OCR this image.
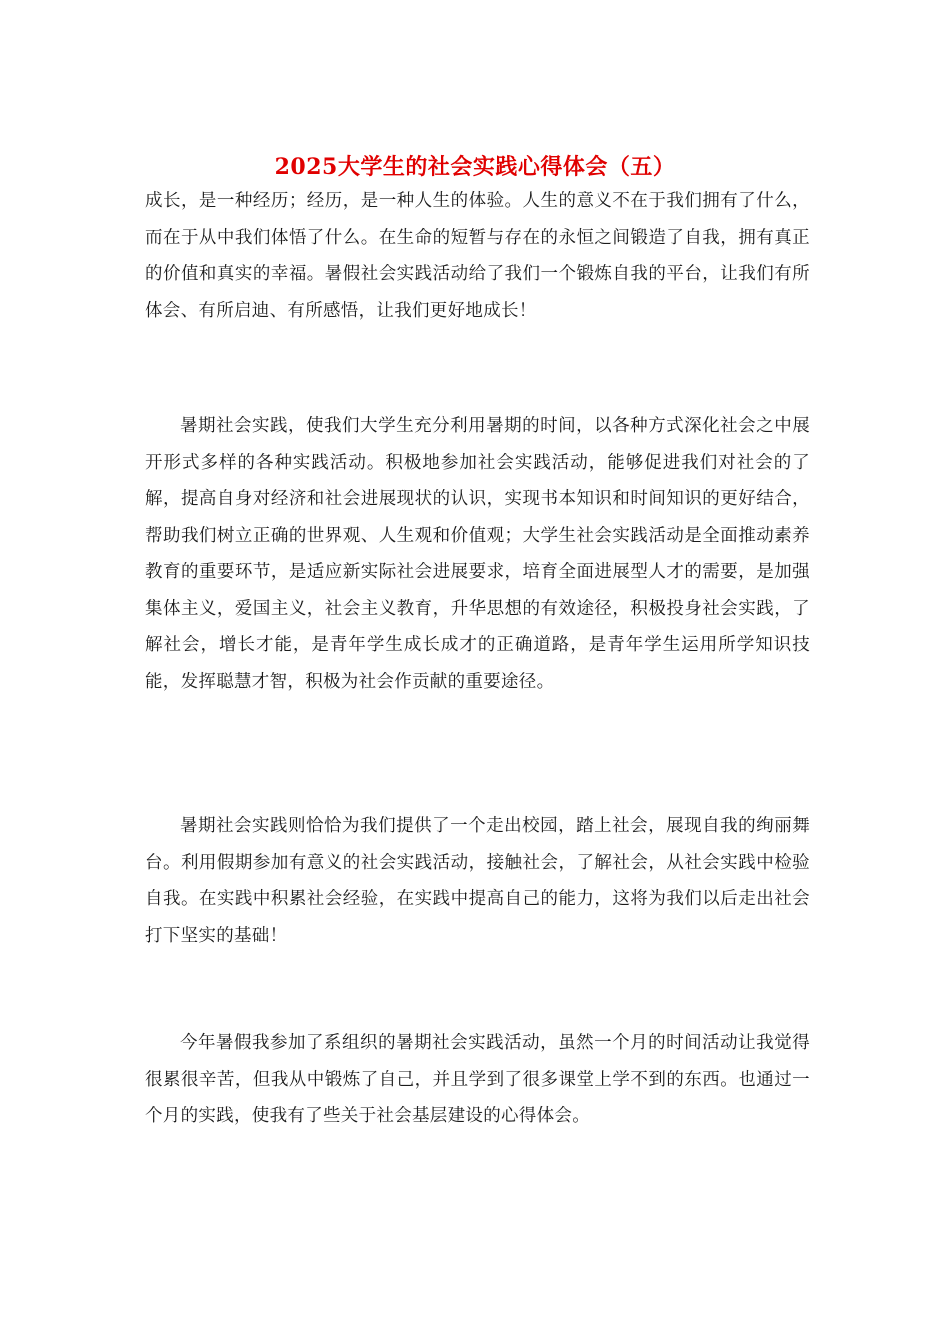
2025大学生的社会实践心得体会（五）

成长，是一种经历；经历，是一种人生的体验。人生的意义不在于我们拥有了什么，而在于从中我们体悟了什么。在生命的短暂与存在的永恒之间锻造了自我，拥有真正的价值和真实的幸福。暑假社会实践活动给了我们一个锻炼自我的平台，让我们有所体会、有所启迪、有所感悟，让我们更好地成长！

暑期社会实践，使我们大学生充分利用暑期的时间，以各种方式深化社会之中展开形式多样的各种实践活动。积极地参加社会实践活动，能够促进我们对社会的了解，提高自身对经济和社会进展现状的认识，实现书本知识和时间知识的更好结合，帮助我们树立正确的世界观、人生观和价值观；大学生社会实践活动是全面推动素养教育的重要环节，是适应新实际社会进展要求，培育全面进展型人才的需要，是加强集体主义，爱国主义，社会主义教育，升华思想的有效途径，积极投身社会实践，了解社会，增长才能，是青年学生成长成才的正确道路，是青年学生运用所学知识技能，发挥聪慧才智，积极为社会作贡献的重要途径。

暑期社会实践则恰恰为我们提供了一个走出校园，踏上社会，展现自我的绚丽舞台。利用假期参加有意义的社会实践活动，接触社会，了解社会，从社会实践中检验自我。在实践中积累社会经验，在实践中提高自己的能力，这将为我们以后走出社会打下坚实的基础！

今年暑假我参加了系组织的暑期社会实践活动，虽然一个月的时间活动让我觉得很累很辛苦，但我从中锻炼了自己，并且学到了很多课堂上学不到的东西。也通过一个月的实践，使我有了些关于社会基层建设的心得体会。
